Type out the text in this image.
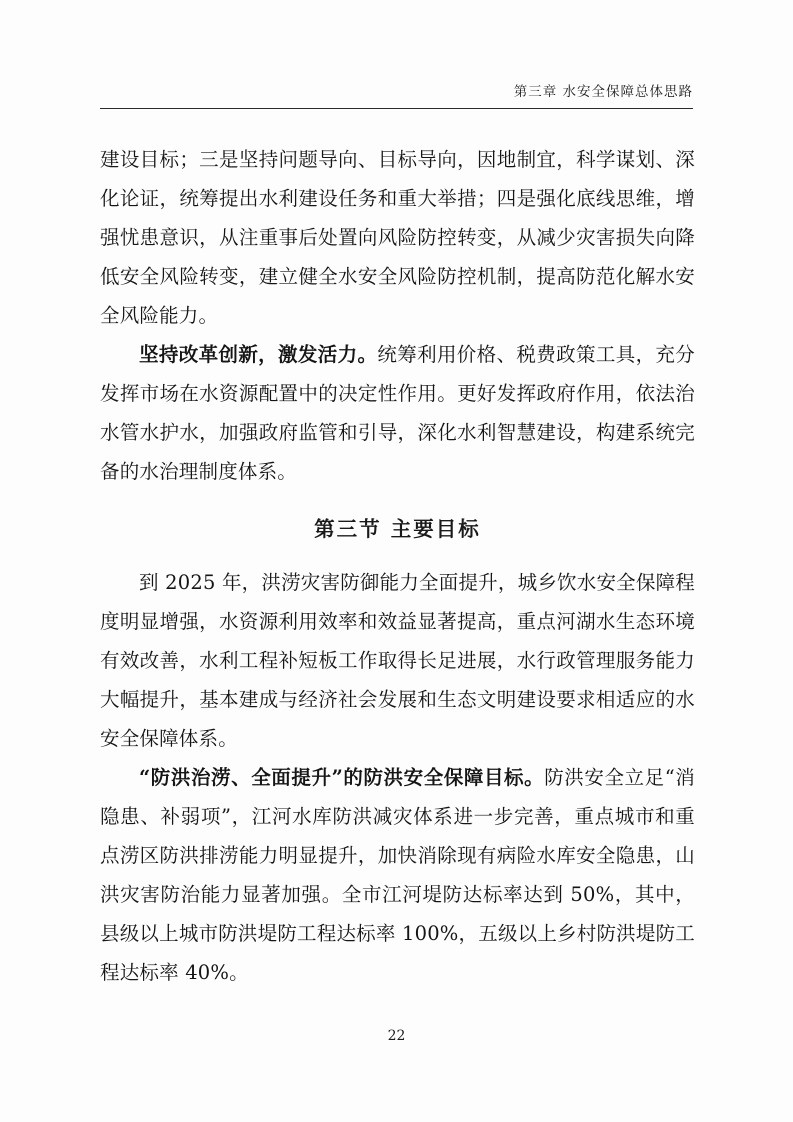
第三章 水安全保障总体思路

建设目标；三是坚持问题导向、目标导向，因地制宜，科学谋划、深化论证，统筹提出水利建设任务和重大举措；四是强化底线思维，增强忧患意识，从注重事后处置向风险防控转变，从减少灾害损失向降低安全风险转变，建立健全水安全风险防控机制，提高防范化解水安全风险能力。

坚持改革创新，激发活力。统筹利用价格、税费政策工具，充分发挥市场在水资源配置中的决定性作用。更好发挥政府作用，依法治水管水护水，加强政府监管和引导，深化水利智慧建设，构建系统完备的水治理制度体系。

第三节 主要目标

到 2025 年，洪涝灾害防御能力全面提升，城乡饮水安全保障程度明显增强，水资源利用效率和效益显著提高，重点河湖水生态环境有效改善，水利工程补短板工作取得长足进展，水行政管理服务能力大幅提升，基本建成与经济社会发展和生态文明建设要求相适应的水安全保障体系。

“防洪治涝、全面提升”的防洪安全保障目标。防洪安全立足“消隐患、补弱项”，江河水库防洪减灾体系进一步完善，重点城市和重点涝区防洪排涝能力明显提升，加快消除现有病险水库安全隐患，山洪灾害防治能力显著加强。全市江河堤防达标率达到 50%，其中，县级以上城市防洪堤防工程达标率 100%，五级以上乡村防洪堤防工程达标率 40%。

22
